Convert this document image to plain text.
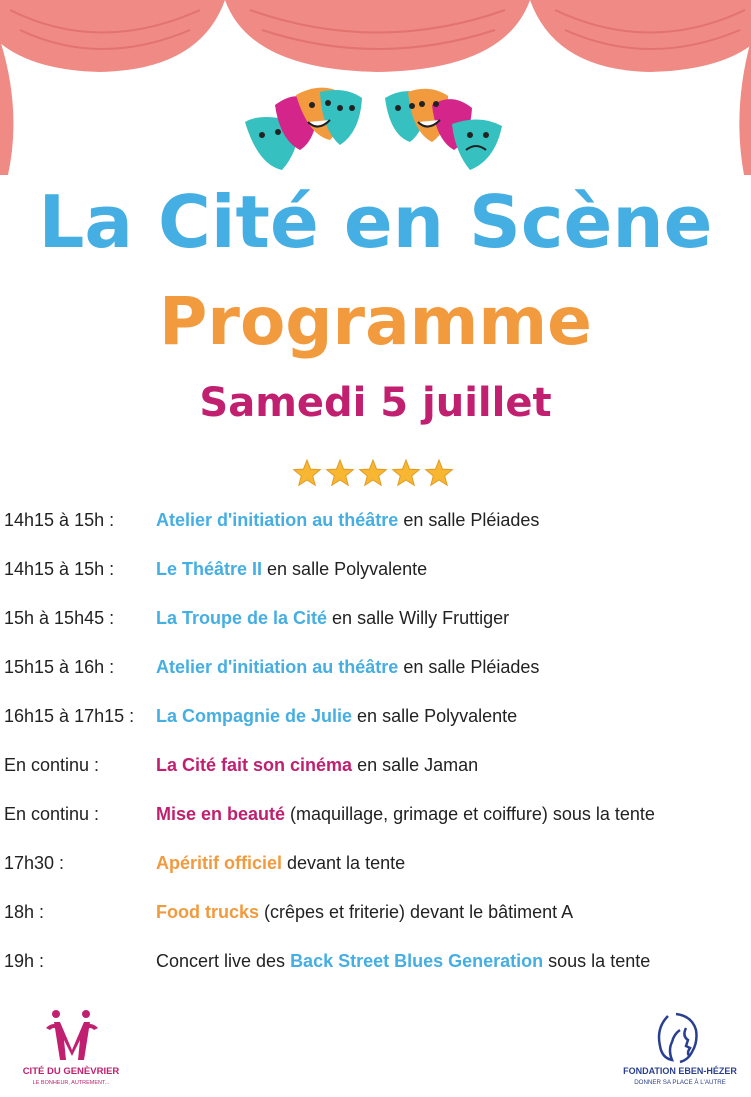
La Cité en Scène
Programme
Samedi 5 juillet
14h15 à 15h : Atelier d'initiation au théâtre en salle Pléiades
14h15 à 15h : Le Théâtre II en salle Polyvalente
15h à 15h45 : La Troupe de la Cité en salle Willy Fruttiger
15h15 à 16h : Atelier d'initiation au théâtre en salle Pléiades
16h15 à 17h15 : La Compagnie de Julie en salle Polyvalente
En continu :	La Cité fait son cinéma en salle Jaman
En continu :	Mise en beauté (maquillage, grimage et coiffure) sous la tente
17h30 :	Apéritif officiel devant la tente
18h :	Food trucks (crêpes et friterie) devant le bâtiment A
19h :	Concert live des Back Street Blues Generation sous la tente
CITÉ DU GENÈVRIER
LE BONHEUR, AUTREMENT...
FONDATION EBEN-HÉZER
DONNER SA PLACE À L'AUTRE
